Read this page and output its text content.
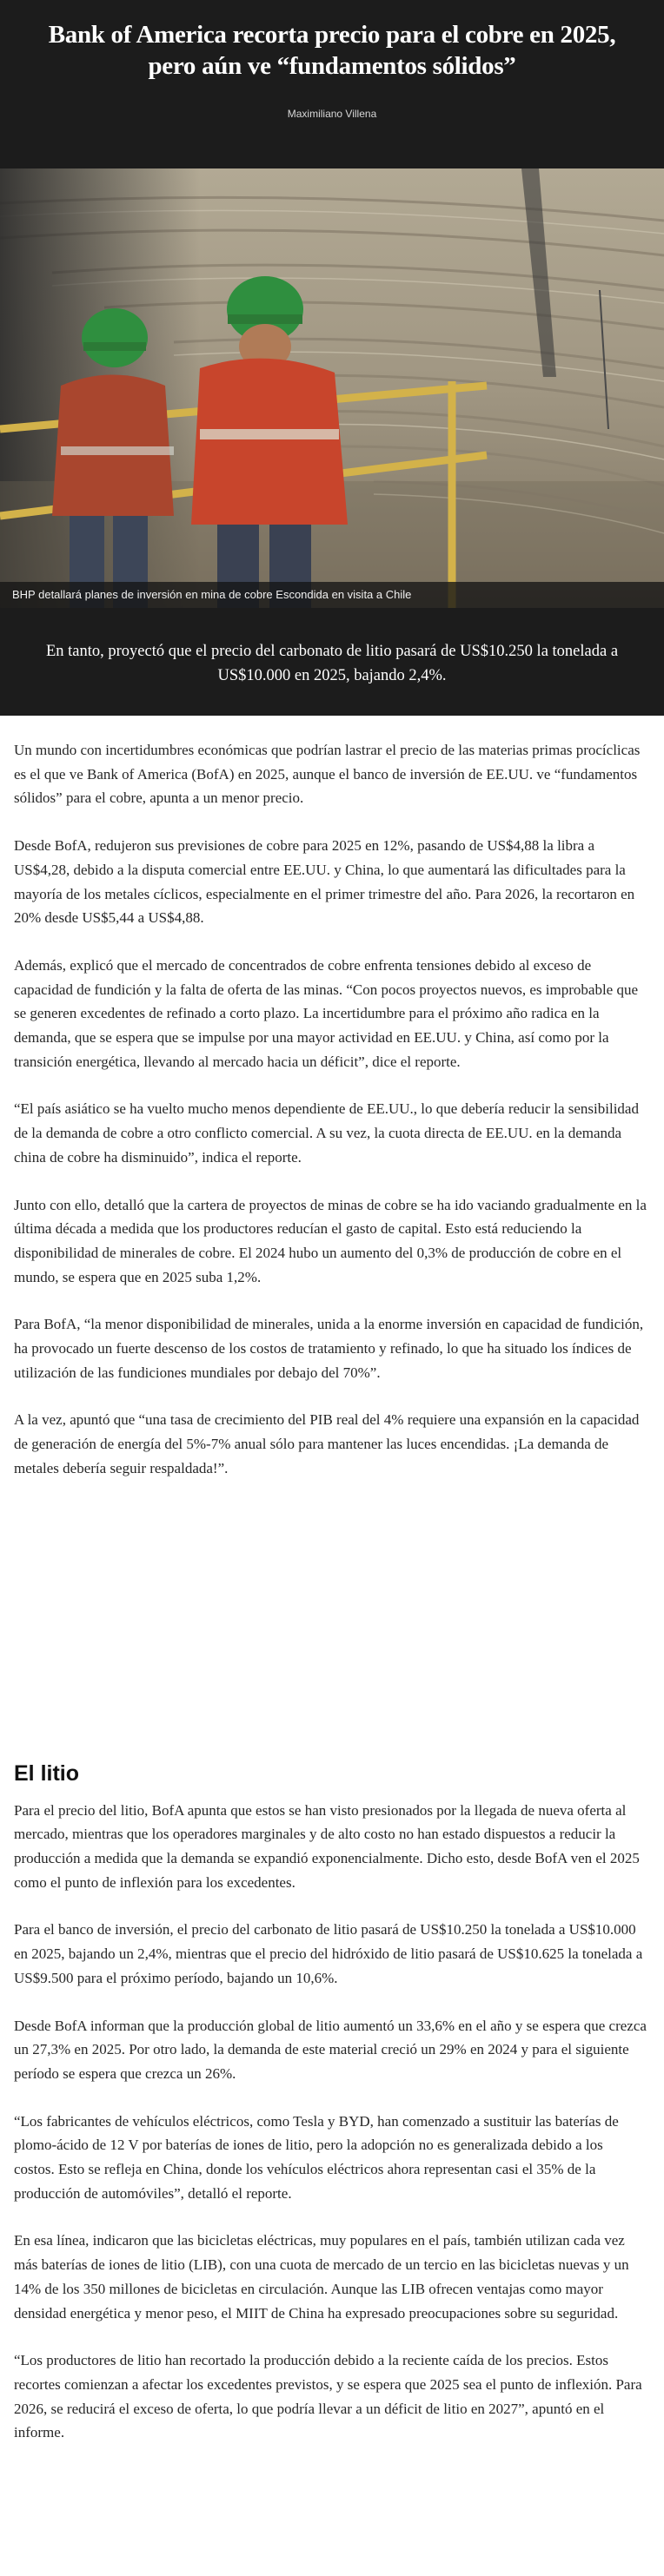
Bank of America recorta precio para el cobre en 2025, pero aún ve “fundamentos sólidos”
Maximiliano Villena
BHP detallará planes de inversión en mina de cobre Escondida en visita a Chile
En tanto, proyectó que el precio del carbonato de litio pasará de US$10.250 la tonelada a US$10.000 en 2025, bajando 2,4%.

Un mundo con incertidumbres económicas que podrían lastrar el precio de las materias primas procíclicas es el que ve Bank of America (BofA) en 2025, aunque el banco de inversión de EE.UU. ve “fundamentos sólidos” para el cobre, apunta a un menor precio.

Desde BofA, redujeron sus previsiones de cobre para 2025 en 12%, pasando de US$4,88 la libra a US$4,28, debido a la disputa comercial entre EE.UU. y China, lo que aumentará las dificultades para la mayoría de los metales cíclicos, especialmente en el primer trimestre del año. Para 2026, la recortaron en 20% desde US$5,44 a US$4,88.

Además, explicó que el mercado de concentrados de cobre enfrenta tensiones debido al exceso de capacidad de fundición y la falta de oferta de las minas. “Con pocos proyectos nuevos, es improbable que se generen excedentes de refinado a corto plazo. La incertidumbre para el próximo año radica en la demanda, que se espera que se impulse por una mayor actividad en EE.UU. y China, así como por la transición energética, llevando al mercado hacia un déficit”, dice el reporte.

“El país asiático se ha vuelto mucho menos dependiente de EE.UU., lo que debería reducir la sensibilidad de la demanda de cobre a otro conflicto comercial. A su vez, la cuota directa de EE.UU. en la demanda china de cobre ha disminuido”, indica el reporte.

Junto con ello, detalló que la cartera de proyectos de minas de cobre se ha ido vaciando gradualmente en la última década a medida que los productores reducían el gasto de capital. Esto está reduciendo la disponibilidad de minerales de cobre. El 2024 hubo un aumento del 0,3% de producción de cobre en el mundo, se espera que en 2025 suba 1,2%.

Para BofA, “la menor disponibilidad de minerales, unida a la enorme inversión en capacidad de fundición, ha provocado un fuerte descenso de los costos de tratamiento y refinado, lo que ha situado los índices de utilización de las fundiciones mundiales por debajo del 70%”.

A la vez, apuntó que “una tasa de crecimiento del PIB real del 4% requiere una expansión en la capacidad de generación de energía del 5%-7% anual sólo para mantener las luces encendidas. ¡La demanda de metales debería seguir respaldada!”.

El litio

Para el precio del litio, BofA apunta que estos se han visto presionados por la llegada de nueva oferta al mercado, mientras que los operadores marginales y de alto costo no han estado dispuestos a reducir la producción a medida que la demanda se expandió exponencialmente. Dicho esto, desde BofA ven el 2025 como el punto de inflexión para los excedentes.

Para el banco de inversión, el precio del carbonato de litio pasará de US$10.250 la tonelada a US$10.000 en 2025, bajando un 2,4%, mientras que el precio del hidróxido de litio pasará de US$10.625 la tonelada a US$9.500 para el próximo período, bajando un 10,6%.

Desde BofA informan que la producción global de litio aumentó un 33,6% en el año y se espera que crezca un 27,3% en 2025. Por otro lado, la demanda de este material creció un 29% en 2024 y para el siguiente período se espera que crezca un 26%.

“Los fabricantes de vehículos eléctricos, como Tesla y BYD, han comenzado a sustituir las baterías de plomo-ácido de 12 V por baterías de iones de litio, pero la adopción no es generalizada debido a los costos. Esto se refleja en China, donde los vehículos eléctricos ahora representan casi el 35% de la producción de automóviles”, detalló el reporte.

En esa línea, indicaron que las bicicletas eléctricas, muy populares en el país, también utilizan cada vez más baterías de iones de litio (LIB), con una cuota de mercado de un tercio en las bicicletas nuevas y un 14% de los 350 millones de bicicletas en circulación. Aunque las LIB ofrecen ventajas como mayor densidad energética y menor peso, el MIIT de China ha expresado preocupaciones sobre su seguridad.

“Los productores de litio han recortado la producción debido a la reciente caída de los precios. Estos recortes comienzan a afectar los excedentes previstos, y se espera que 2025 sea el punto de inflexión. Para 2026, se reducirá el exceso de oferta, lo que podría llevar a un déficit de litio en 2027”, apuntó en el informe.
